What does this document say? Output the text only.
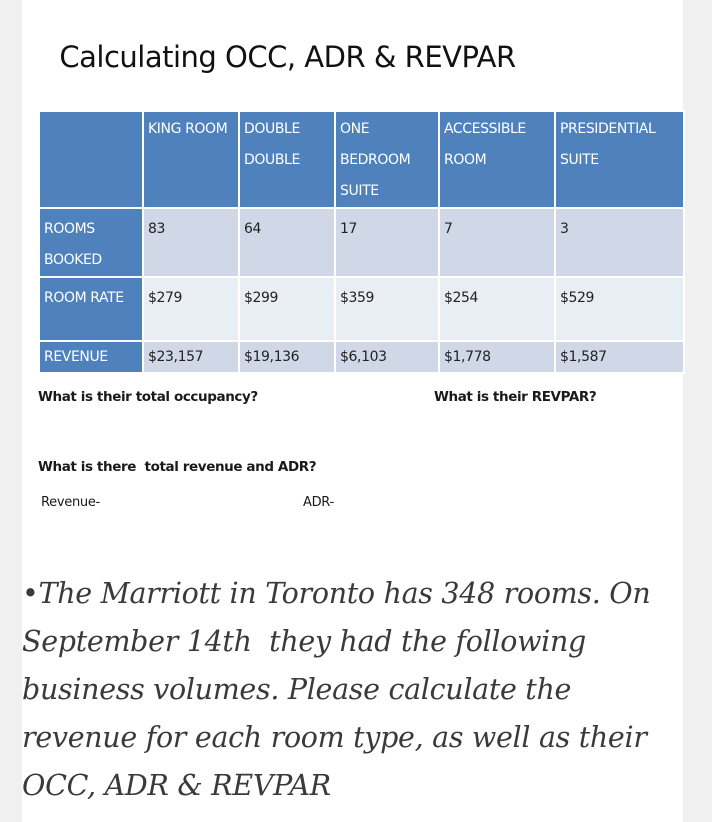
Calculating OCC, ADR & REVPAR
	KING ROOM	DOUBLE DOUBLE	ONE BEDROOM SUITE	ACCESSIBLE ROOM	PRESIDENTIAL SUITE
ROOMS BOOKED	83	64	17	7	3
ROOM RATE	$279	$299	$359	$254	$529
REVENUE	$23,157	$19,136	$6,103	$1,778	$1,587
What is their total occupancy?	What is their REVPAR?
What is there  total revenue and ADR?
Revenue-	ADR-

•The Marriott in Toronto has 348 rooms. On September 14th  they had the following business volumes. Please calculate the revenue for each room type, as well as their OCC, ADR & REVPAR
